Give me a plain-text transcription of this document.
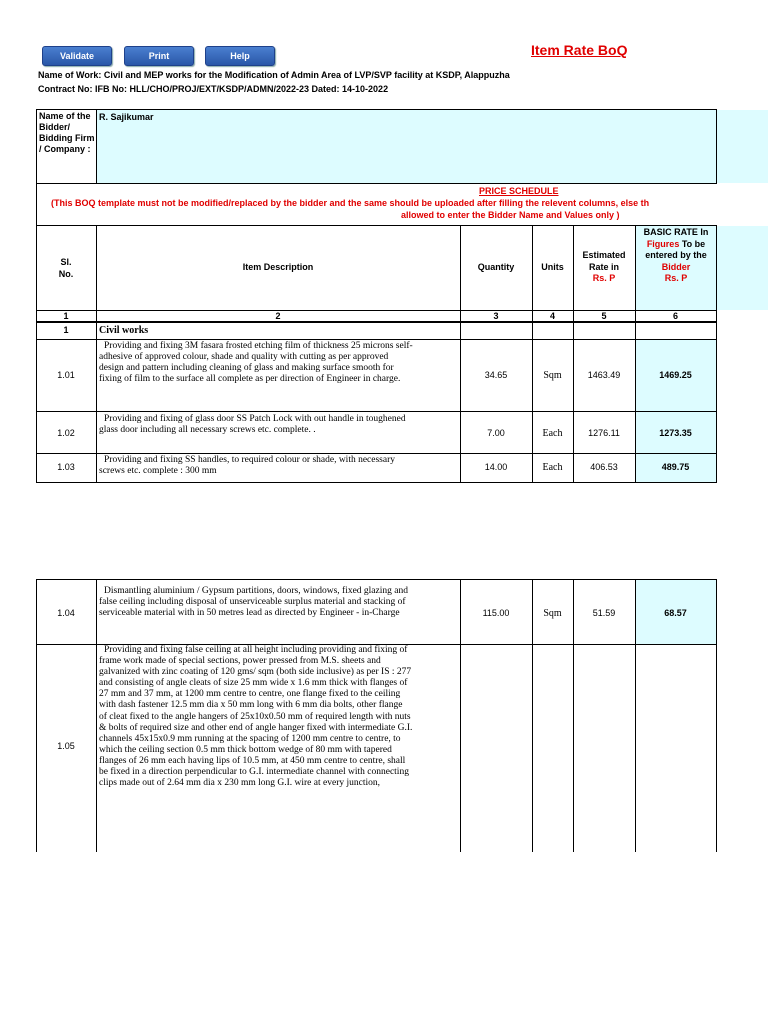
Validate	Print	Help	Item Rate BoQ
Name of Work: Civil and MEP works for the Modification of Admin Area of LVP/SVP facility at KSDP, Alappuzha
Contract No: IFB No: HLL/CHO/PROJ/EXT/KSDP/ADMN/2022-23 Dated: 14-10-2022
Name of the Bidder/ Bidding Firm / Company :
R. Sajikumar
PRICE SCHEDULE
(This BOQ template must not be modified/replaced by the bidder and the same should be uploaded after filling the relevent columns, else th
allowed to enter the Bidder Name and Values only )
Sl.
No.
Item Description	Quantity	Units
Estimated
Rate in
Rs. P
BASIC RATE In
Figures To be
entered by the
Bidder
Rs. P
1	2	3	4	5	6
1	Civil works
1.01
Providing and fixing 3M fasara frosted etching film of thickness 25 microns self-
adhesive of approved colour, shade and quality with cutting as per approved
design and pattern including cleaning of glass and making surface smooth for
fixing of film to the surface all complete as per direction of Engineer in charge.	34.65	Sqm	1463.49	1469.25
1.02
Providing and fixing of glass door SS Patch Lock with out handle in toughened
glass door including all necessary screws etc. complete. .	7.00	Each	1276.11	1273.35
1.03
Providing and fixing SS handles, to required colour or shade, with necessary
screws etc. complete : 300 mm	14.00	Each	406.53	489.75
1.04
Dismantling aluminium / Gypsum partitions, doors, windows, fixed glazing and
false ceiling including disposal of unserviceable surplus material and stacking of
serviceable material with in 50 metres lead as directed by Engineer - in-Charge	115.00	Sqm	51.59	68.57
1.05
Providing and fixing false ceiling at all height including providing and fixing of
frame work made of special sections, power pressed from M.S. sheets and
galvanized with zinc coating of 120 gms/ sqm (both side inclusive) as per IS : 277
and consisting of angle cleats of size 25 mm wide x 1.6 mm thick with flanges of
27 mm and 37 mm, at 1200 mm centre to centre, one flange fixed to the ceiling
with dash fastener 12.5 mm dia x 50 mm long with 6 mm dia bolts, other flange
of cleat fixed to the angle hangers of 25x10x0.50 mm of required length with nuts
& bolts of required size and other end of angle hanger fixed with intermediate G.I.
channels 45x15x0.9 mm running at the spacing of 1200 mm centre to centre, to
which the ceiling section 0.5 mm thick bottom wedge of 80 mm with tapered
flanges of 26 mm each having lips of 10.5 mm, at 450 mm centre to centre, shall
be fixed in a direction perpendicular to G.I. intermediate channel with connecting
clips made out of 2.64 mm dia x 230 mm long G.I. wire at every junction,
